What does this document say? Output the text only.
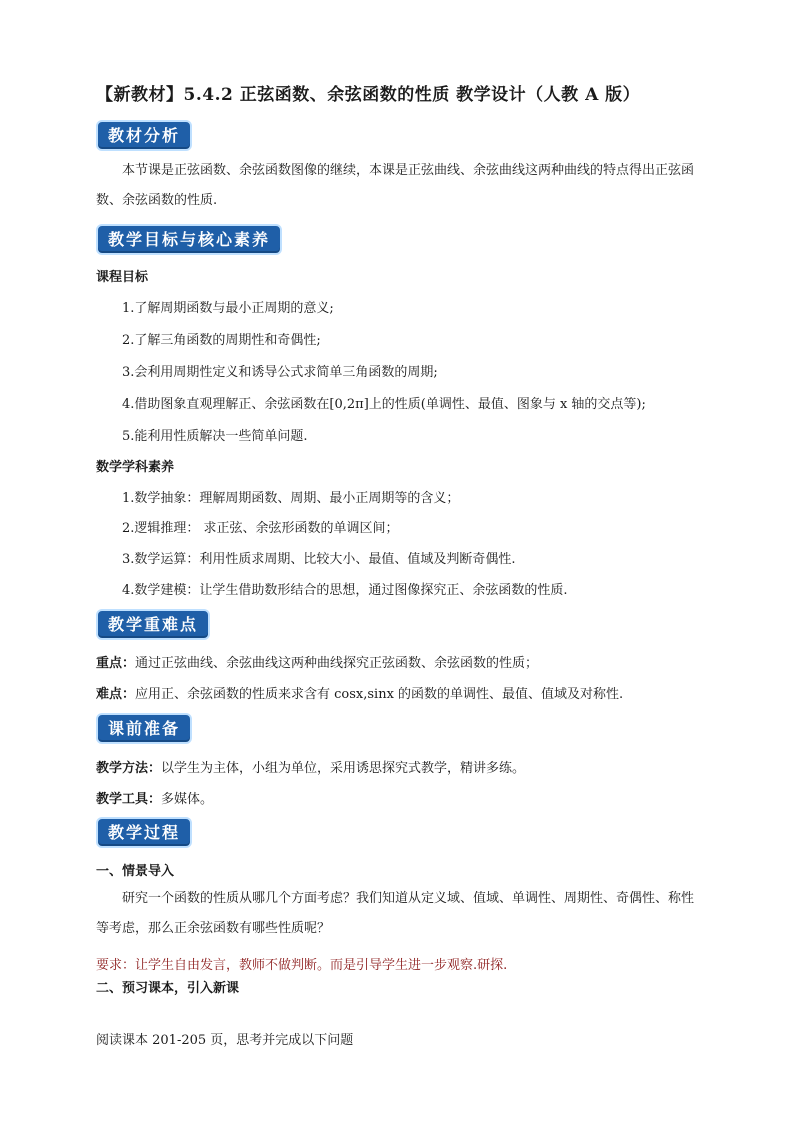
【新教材】5.4.2 正弦函数、余弦函数的性质 教学设计（人教 A 版）
教材分析
本节课是正弦函数、余弦函数图像的继续，本课是正弦曲线、余弦曲线这两种曲线的特点得出正弦函数、余弦函数的性质.
教学目标与核心素养
课程目标
1.了解周期函数与最小正周期的意义;
2.了解三角函数的周期性和奇偶性;
3.会利用周期性定义和诱导公式求简单三角函数的周期;
4.借助图象直观理解正、余弦函数在[0,2π]上的性质(单调性、最值、图象与 x 轴的交点等);
5.能利用性质解决一些简单问题.
数学学科素养
1.数学抽象：理解周期函数、周期、最小正周期等的含义；
2.逻辑推理： 求正弦、余弦形函数的单调区间；
3.数学运算：利用性质求周期、比较大小、最值、值域及判断奇偶性.
4.数学建模：让学生借助数形结合的思想，通过图像探究正、余弦函数的性质.
教学重难点
重点：通过正弦曲线、余弦曲线这两种曲线探究正弦函数、余弦函数的性质；
难点：应用正、余弦函数的性质来求含有 cosx,sinx 的函数的单调性、最值、值域及对称性.
课前准备
教学方法：以学生为主体，小组为单位，采用诱思探究式教学，精讲多练。
教学工具：多媒体。
教学过程
一、情景导入
研究一个函数的性质从哪几个方面考虑？我们知道从定义域、值域、单调性、周期性、奇偶性、称性等考虑，那么正余弦函数有哪些性质呢？
要求：让学生自由发言，教师不做判断。而是引导学生进一步观察.研探.
二、预习课本，引入新课
阅读课本 201-205 页，思考并完成以下问题
